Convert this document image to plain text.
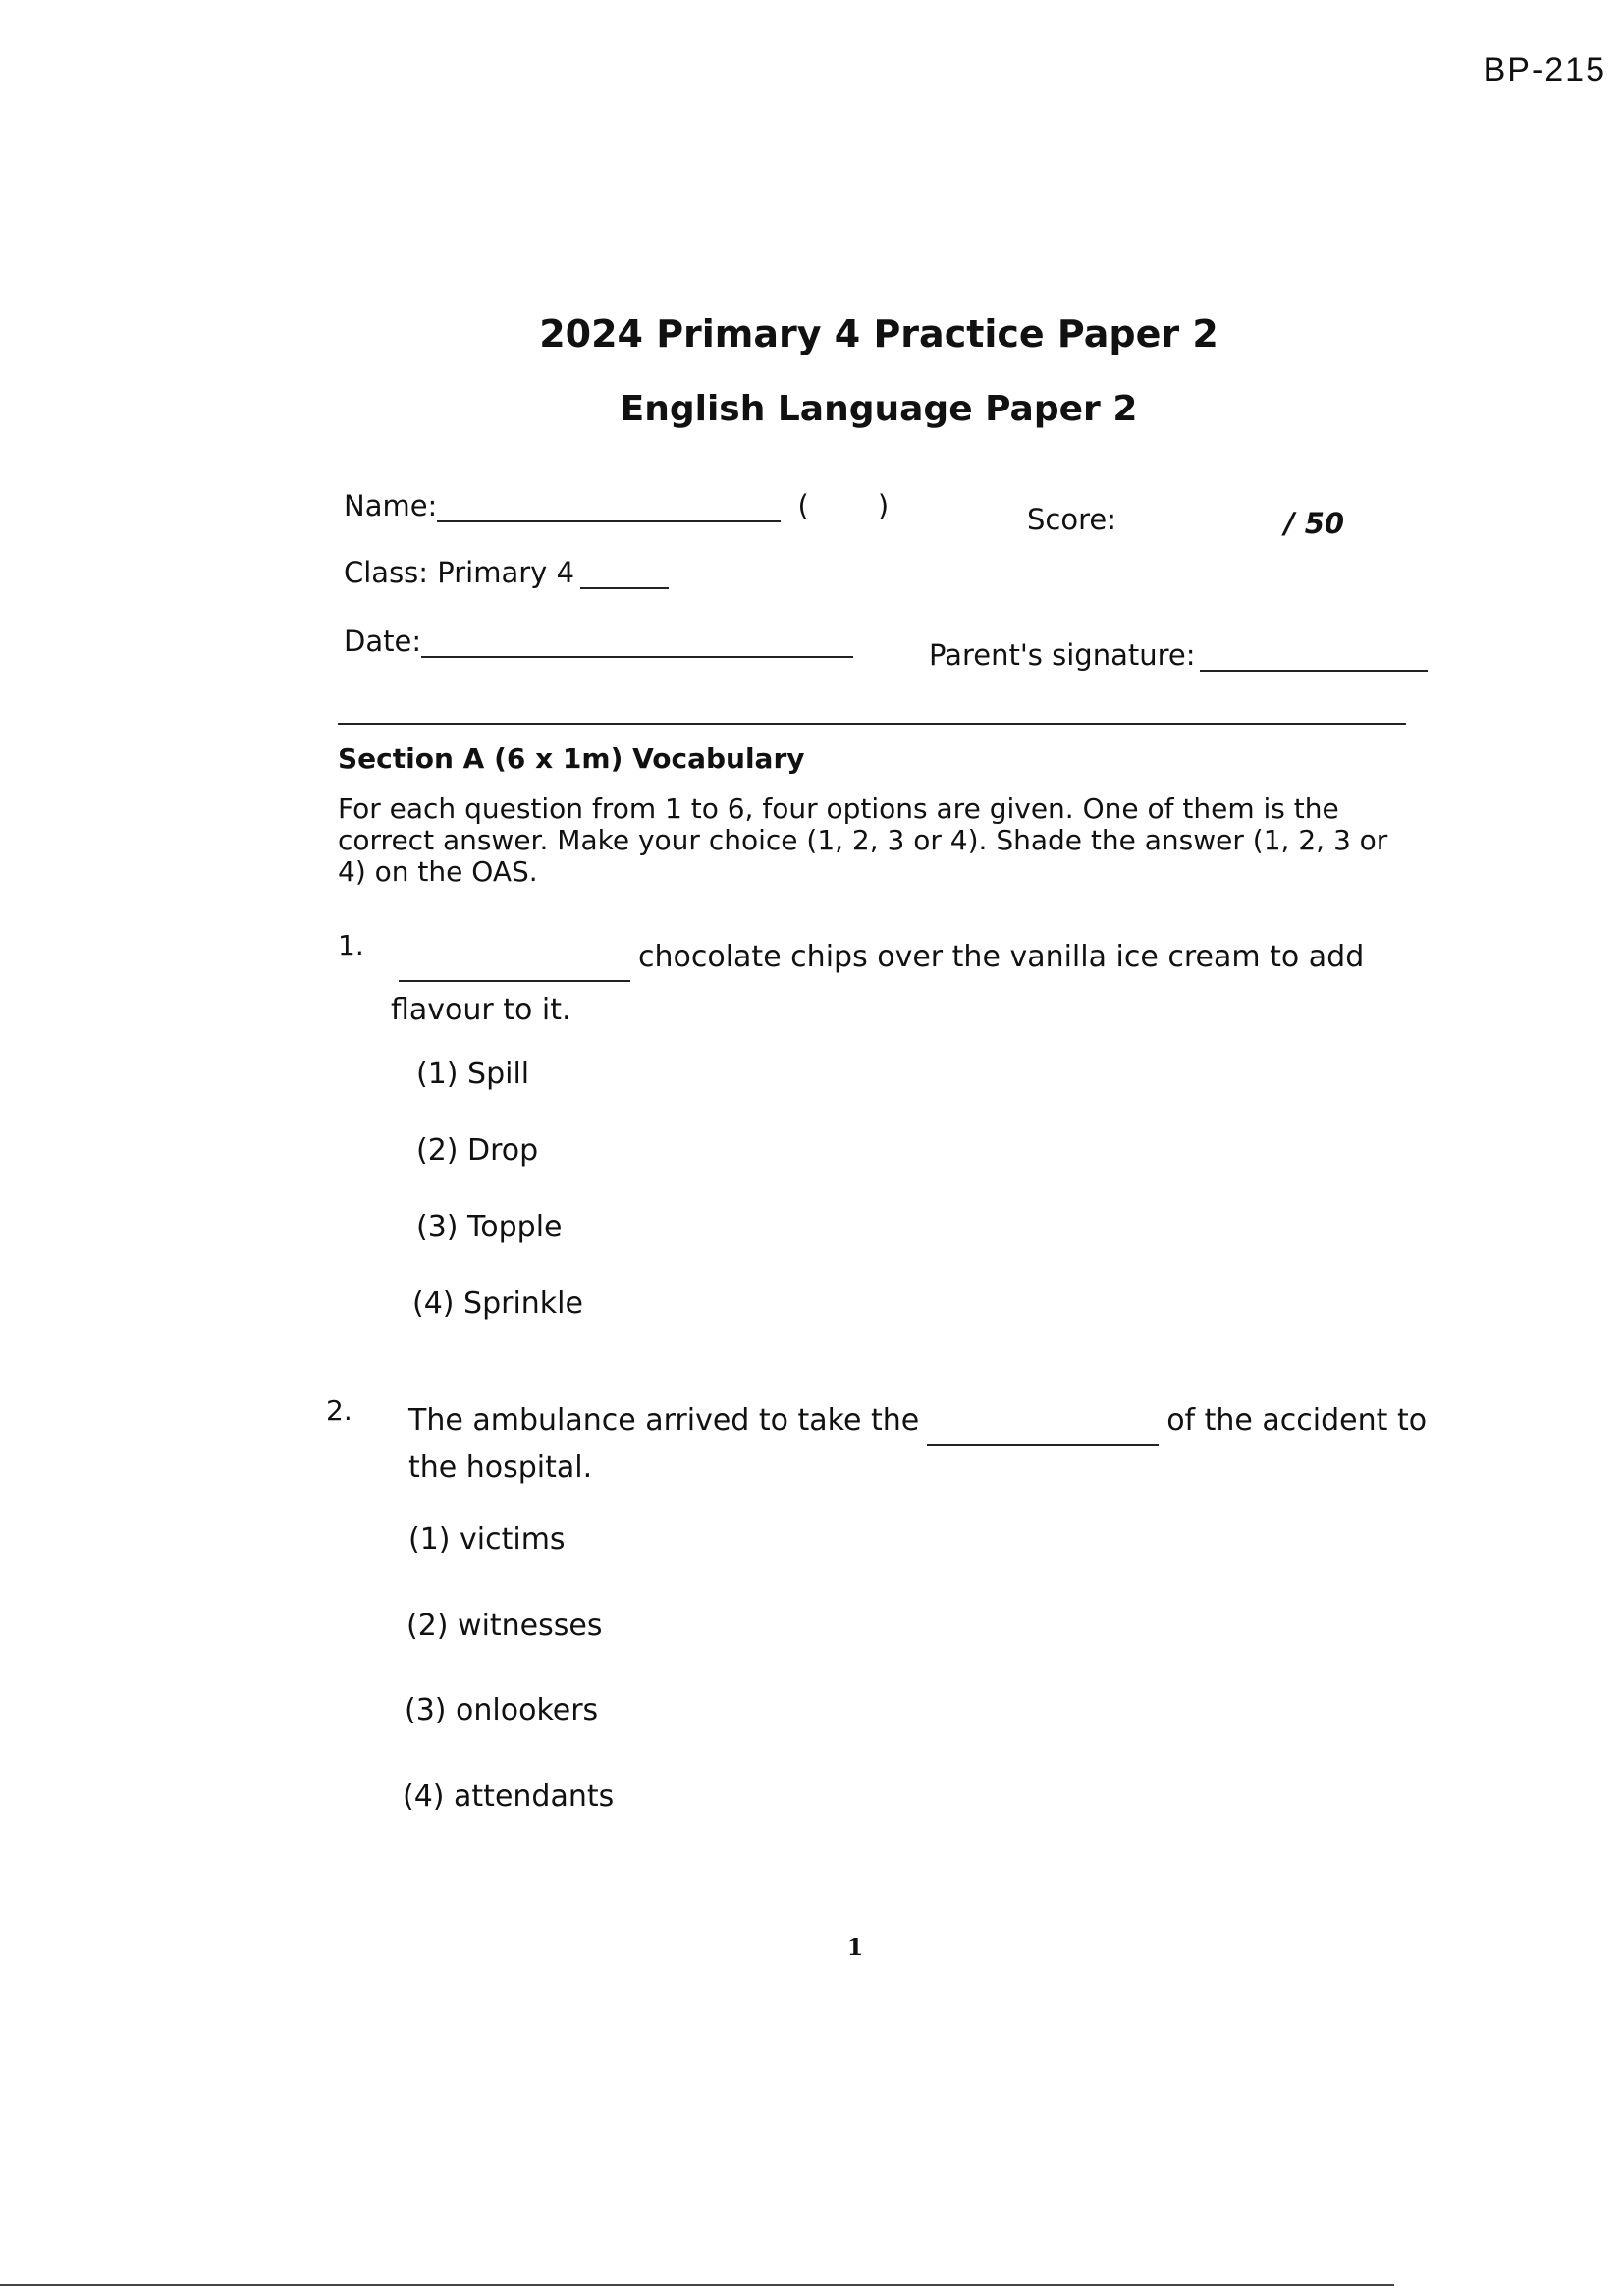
BP-215
2024 Primary 4 Practice Paper 2
English Language Paper 2
Name:	( )	Score:	/ 50
Class: Primary 4
Date:	Parent's signature:
Section A (6 x 1m) Vocabulary
For each question from 1 to 6, four options are given. One of them is the correct answer. Make your choice (1, 2, 3 or 4). Shade the answer (1, 2, 3 or 4) on the OAS.
1.	chocolate chips over the vanilla ice cream to add
flavour to it.
(1) Spill
(2) Drop
(3) Topple
(4) Sprinkle
2. The ambulance arrived to take the	of the accident to
the hospital.
(1) victims
(2) witnesses
(3) onlookers
(4) attendants
1
